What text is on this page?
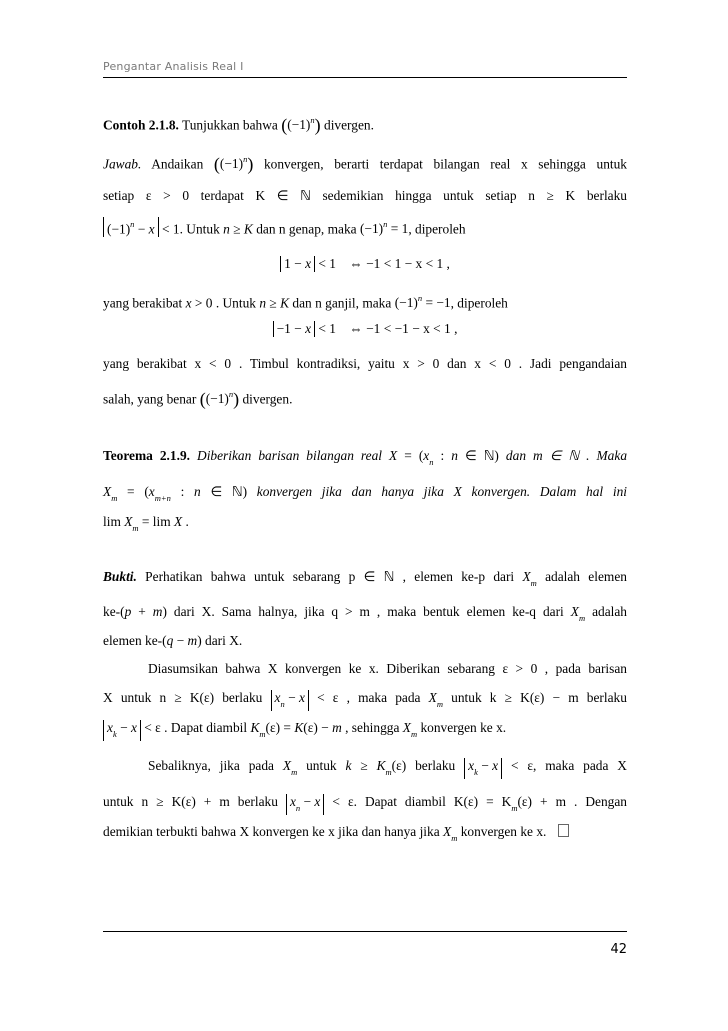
Pengantar Analisis Real I
Contoh 2.1.8. Tunjukkan bahwa $((-1)^n)$ divergen.
Jawab. Andaikan $((-1)^n)$ konvergen, berarti terdapat bilangan real x sehingga untuk
setiap ε > 0 terdapat K ∈ ℕ sedemikian hingga untuk setiap n ≥ K berlaku
$(-1)^n - x < 1$. Untuk n ≥ K dan n genap, maka $(-1)^n = 1$, diperoleh
1 − x < 1    ⇔ −1 < 1 − x < 1 ,
yang berakibat x > 0 . Untuk n ≥ K dan n ganjil, maka $(-1)^n = -1$, diperoleh
−1 − x < 1    ⇔ −1 < −1 − x < 1 ,
yang berakibat x < 0 . Timbul kontradiksi, yaitu x > 0 dan x < 0 . Jadi pengandaian
salah, yang benar $((-1)^n)$ divergen.
Teorema 2.1.9. Diberikan barisan bilangan real $X = (x_n$ : n ∈ ℕ) dan m ∈ ℕ . Maka
$X_m = (x_{m+n}$ : n ∈ ℕ) konvergen jika dan hanya jika X konvergen. Dalam hal ini
$\lim X_m = \lim X$ .
Bukti. Perhatikan bahwa untuk sebarang p ∈ ℕ , elemen ke-p dari $X_m$ adalah elemen
ke-(p + m) dari X. Sama halnya, jika q > m , maka bentuk elemen ke-q dari $X_m$ adalah
elemen ke-(q − m) dari X.
Diasumsikan bahwa X konvergen ke x. Diberikan sebarang ε > 0 , pada barisan
X untuk n ≥ K(ε) berlaku $x_n - x < \varepsilon$ , maka pada $X_m$ untuk k ≥ K(ε) − m berlaku
$x_k - x < \varepsilon$ . Dapat diambil $K_m(\varepsilon) = K(\varepsilon) - m$ , sehingga $X_m$ konvergen ke x.
Sebaliknya, jika pada $X_m$ untuk $k \ge K_m(\varepsilon)$ berlaku $x_k - x < \varepsilon$, maka pada X
untuk n ≥ K(ε) + m berlaku $x_n - x < \varepsilon$. Dapat diambil $K(\varepsilon) = K_m(\varepsilon) + m$ . Dengan
demikian terbukti bahwa X konvergen ke x jika dan hanya jika $X_m$ konvergen ke x.
42
